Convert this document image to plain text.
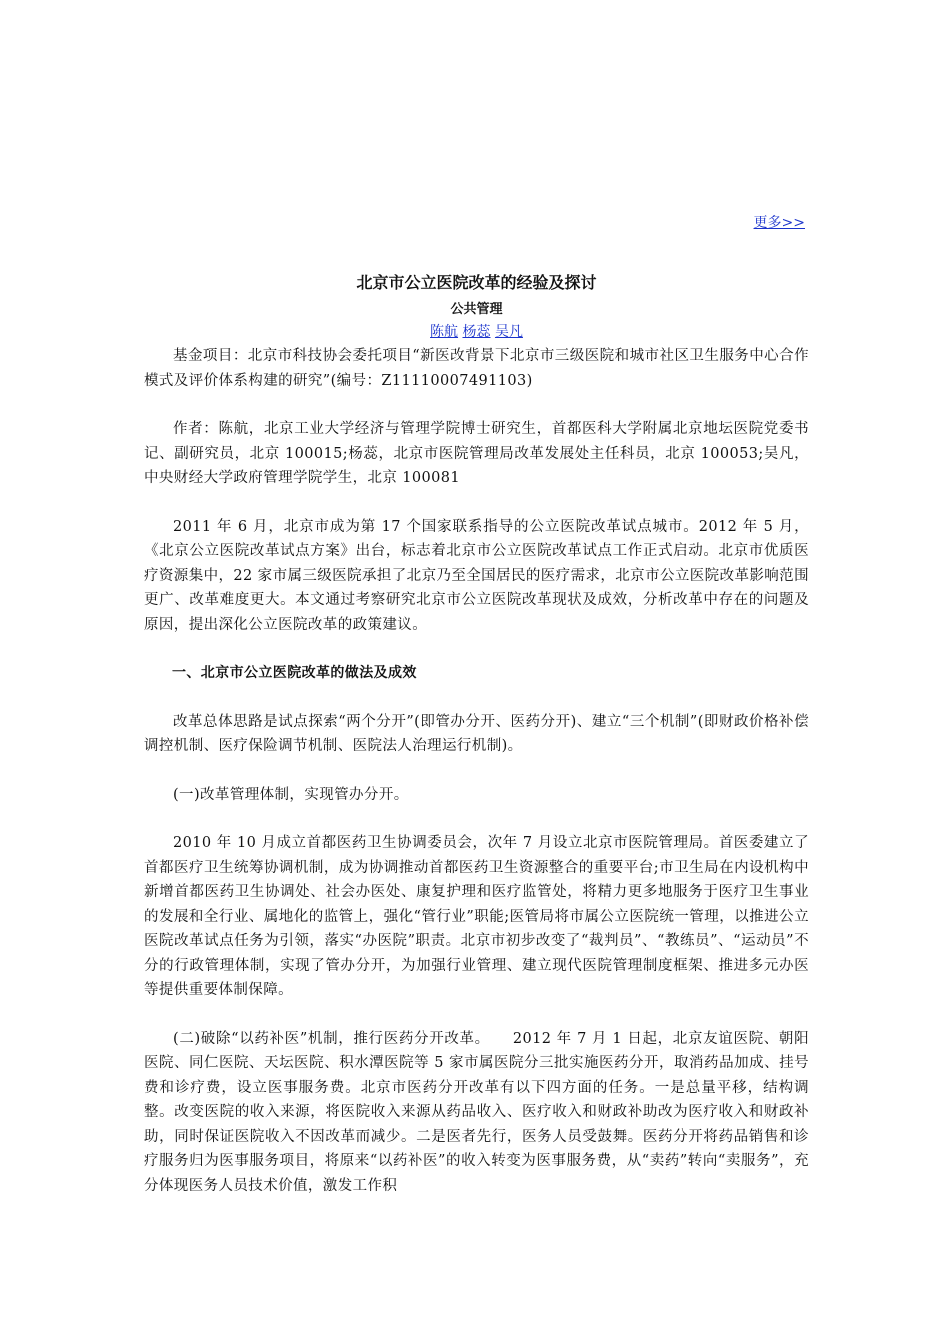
更多>>
北京市公立医院改革的经验及探讨
公共管理
陈航 杨蕊 吴凡

基金项目：北京市科技协会委托项目“新医改背景下北京市三级医院和城市社区卫生服务中心合作模式及评价体系构建的研究”(编号：Z11110007491103)

作者：陈航，北京工业大学经济与管理学院博士研究生，首都医科大学附属北京地坛医院党委书记、副研究员，北京 100015;杨蕊，北京市医院管理局改革发展处主任科员，北京 100053;吴凡，中央财经大学政府管理学院学生，北京 100081

2011 年 6 月，北京市成为第 17 个国家联系指导的公立医院改革试点城市。2012 年 5 月，《北京公立医院改革试点方案》出台，标志着北京市公立医院改革试点工作正式启动。北京市优质医疗资源集中，22 家市属三级医院承担了北京乃至全国居民的医疗需求，北京市公立医院改革影响范围更广、改革难度更大。本文通过考察研究北京市公立医院改革现状及成效，分析改革中存在的问题及原因，提出深化公立医院改革的政策建议。

一、北京市公立医院改革的做法及成效

改革总体思路是试点探索“两个分开”(即管办分开、医药分开)、建立“三个机制”(即财政价格补偿调控机制、医疗保险调节机制、医院法人治理运行机制)。

(一)改革管理体制，实现管办分开。

2010 年 10 月成立首都医药卫生协调委员会，次年 7 月设立北京市医院管理局。首医委建立了首都医疗卫生统筹协调机制，成为协调推动首都医药卫生资源整合的重要平台;市卫生局在内设机构中新增首都医药卫生协调处、社会办医处、康复护理和医疗监管处，将精力更多地服务于医疗卫生事业的发展和全行业、属地化的监管上，强化“管行业”职能;医管局将市属公立医院统一管理，以推进公立医院改革试点任务为引领，落实“办医院”职责。北京市初步改变了“裁判员”、“教练员”、“运动员”不分的行政管理体制，实现了管办分开，为加强行业管理、建立现代医院管理制度框架、推进多元办医等提供重要体制保障。

(二)破除“以药补医”机制，推行医药分开改革。　　2012 年 7 月 1 日起，北京友谊医院、朝阳医院、同仁医院、天坛医院、积水潭医院等 5 家市属医院分三批实施医药分开，取消药品加成、挂号费和诊疗费，设立医事服务费。北京市医药分开改革有以下四方面的任务。一是总量平移，结构调整。改变医院的收入来源，将医院收入来源从药品收入、医疗收入和财政补助改为医疗收入和财政补助，同时保证医院收入不因改革而减少。二是医者先行，医务人员受鼓舞。医药分开将药品销售和诊疗服务归为医事服务项目，将原来“以药补医”的收入转变为医事服务费，从“卖药”转向“卖服务”，充分体现医务人员技术价值，激发工作积
